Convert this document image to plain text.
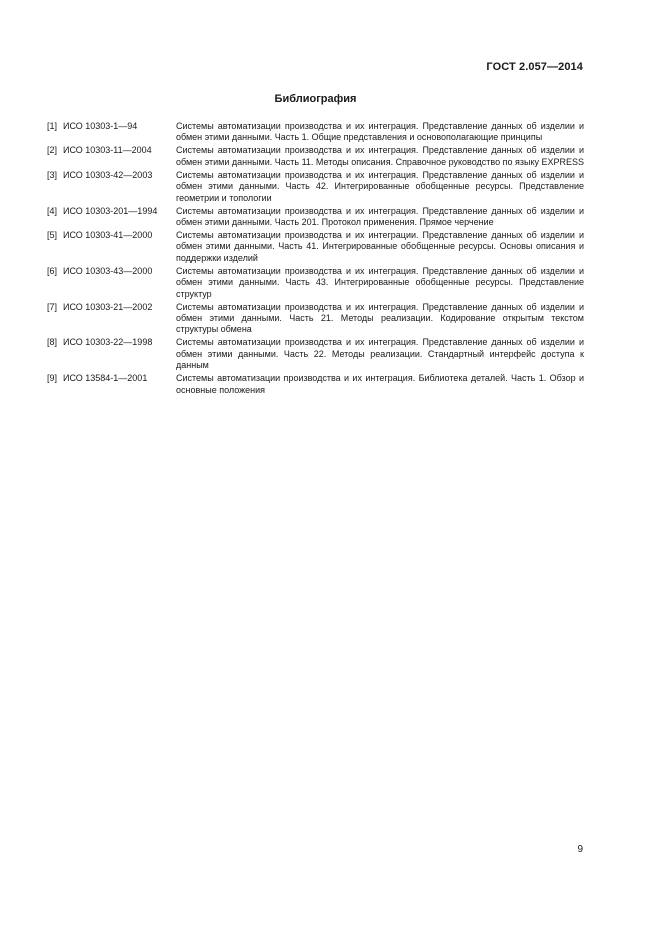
ГОСТ 2.057—2014
Библиография
[1] ИСО 10303-1—94	Системы автоматизации производства и их интеграция. Представление данных об изделии и обмен этими данными. Часть 1. Общие представления и основополагающие принципы
[2] ИСО 10303-11—2004	Системы автоматизации производства и их интеграция. Представление данных об изделии и обмен этими данными. Часть 11. Методы описания. Справочное руководство по языку EXPRESS
[3] ИСО 10303-42—2003	Системы автоматизации производства и их интеграция. Представление данных об изделии и обмен этими данными. Часть 42. Интегрированные обобщенные ресурсы. Представление геометрии и топологии
[4] ИСО 10303-201—1994	Системы автоматизации производства и их интеграция. Представление данных об изделии и обмен этими данными. Часть 201. Протокол применения. Прямое черчение
[5] ИСО 10303-41—2000	Системы автоматизации производства и их интеграции. Представление данных об изделии и обмен этими данными. Часть 41. Интегрированные обобщенные ресурсы. Основы описания и поддержки изделий
[6] ИСО 10303-43—2000	Системы автоматизации производства и их интеграция. Представление данных об изделии и обмен этими данными. Часть 43. Интегрированные обобщенные ресурсы. Представление структур
[7] ИСО 10303-21—2002	Системы автоматизации производства и их интеграция. Представление данных об изделии и обмен этими данными. Часть 21. Методы реализации. Кодирование открытым текстом структуры обмена
[8] ИСО 10303-22—1998	Системы автоматизации производства и их интеграция. Представление данных об изделии и обмен этими данными. Часть 22. Методы реализации. Стандартный интерфейс доступа к данным
[9] ИСО 13584-1—2001	Системы автоматизации производства и их интеграция. Библиотека деталей. Часть 1. Обзор и основные положения
9
